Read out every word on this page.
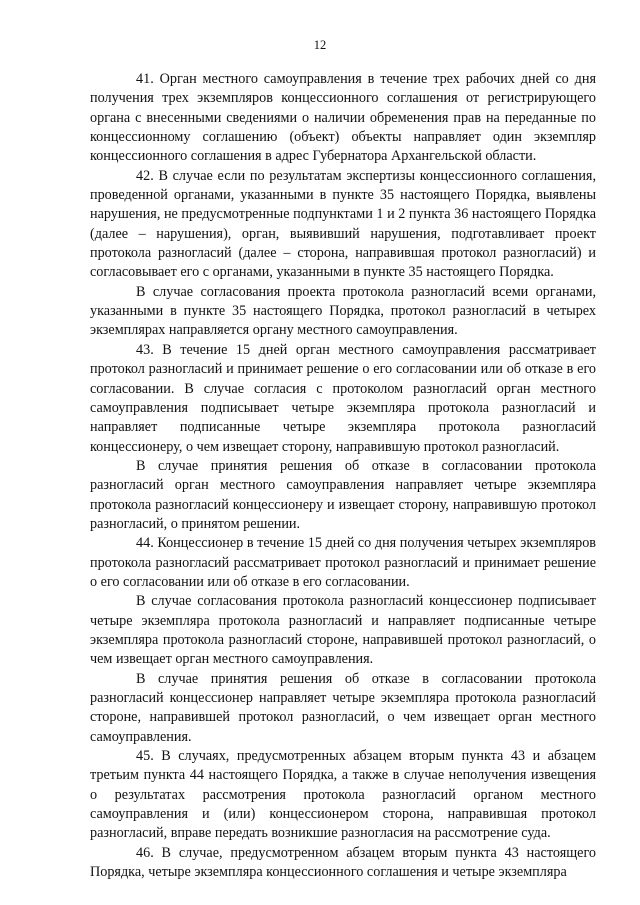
12

41. Орган местного самоуправления в течение трех рабочих дней со дня получения трех экземпляров концессионного соглашения от регистрирующего органа с внесенными сведениями о наличии обременения прав на переданные по концессионному соглашению (объект) объекты направляет один экземпляр концессионного соглашения в адрес Губернатора Архангельской области.

42. В случае если по результатам экспертизы концессионного соглашения, проведенной органами, указанными в пункте 35 настоящего Порядка, выявлены нарушения, не предусмотренные подпунктами 1 и 2 пункта 36 настоящего Порядка (далее – нарушения), орган, выявивший нарушения, подготавливает проект протокола разногласий (далее – сторона, направившая протокол разногласий) и согласовывает его с органами, указанными в пункте 35 настоящего Порядка.

В случае согласования проекта протокола разногласий всеми органами, указанными в пункте 35 настоящего Порядка, протокол разногласий в четырех экземплярах направляется органу местного самоуправления.

43. В течение 15 дней орган местного самоуправления рассматривает протокол разногласий и принимает решение о его согласовании или об отказе в его согласовании. В случае согласия с протоколом разногласий орган местного самоуправления подписывает четыре экземпляра протокола разногласий и направляет подписанные четыре экземпляра протокола разногласий концессионеру, о чем извещает сторону, направившую протокол разногласий.

В случае принятия решения об отказе в согласовании протокола разногласий орган местного самоуправления направляет четыре экземпляра протокола разногласий концессионеру и извещает сторону, направившую протокол разногласий, о принятом решении.

44. Концессионер в течение 15 дней со дня получения четырех экземпляров протокола разногласий рассматривает протокол разногласий и принимает решение о его согласовании или об отказе в его согласовании.

В случае согласования протокола разногласий концессионер подписывает четыре экземпляра протокола разногласий и направляет подписанные четыре экземпляра протокола разногласий стороне, направившей протокол разногласий, о чем извещает орган местного самоуправления.

В случае принятия решения об отказе в согласовании протокола разногласий концессионер направляет четыре экземпляра протокола разногласий стороне, направившей протокол разногласий, о чем извещает орган местного самоуправления.

45. В случаях, предусмотренных абзацем вторым пункта 43 и абзацем третьим пункта 44 настоящего Порядка, а также в случае неполучения извещения о результатах рассмотрения протокола разногласий органом местного самоуправления и (или) концессионером сторона, направившая протокол разногласий, вправе передать возникшие разногласия на рассмотрение суда.

46. В случае, предусмотренном абзацем вторым пункта 43 настоящего Порядка, четыре экземпляра концессионного соглашения и четыре экземпляра
